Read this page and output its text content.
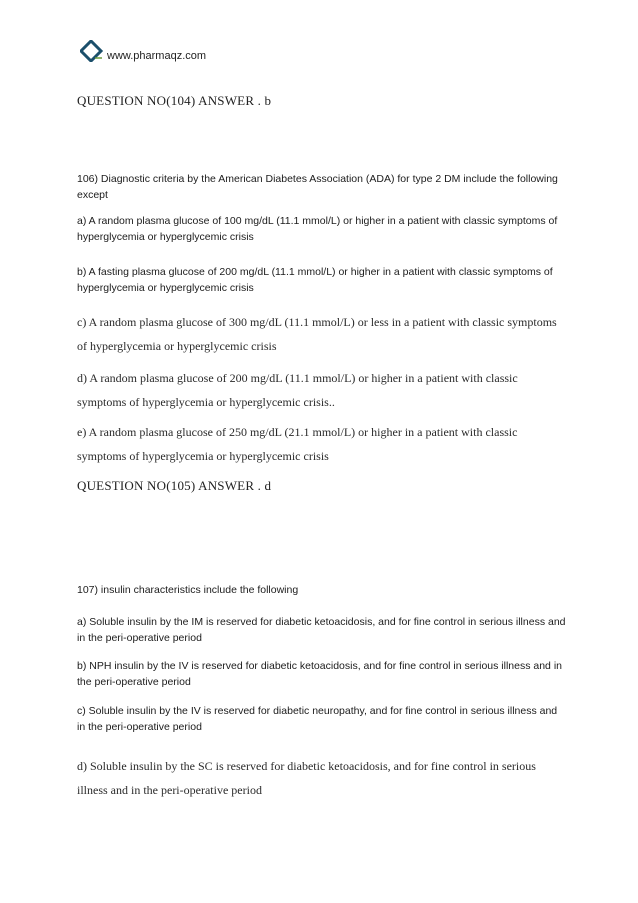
www.pharmaqz.com
QUESTION NO(104) ANSWER . b
106) Diagnostic criteria by the American Diabetes Association (ADA) for type 2 DM include the following except
a) A random plasma glucose of 100 mg/dL (11.1 mmol/L) or higher in a patient with classic symptoms of hyperglycemia or hyperglycemic crisis
b) A fasting plasma glucose of 200 mg/dL (11.1 mmol/L) or higher in a patient with classic symptoms of hyperglycemia or hyperglycemic crisis
c) A random plasma glucose of 300 mg/dL (11.1 mmol/L) or less in a patient with classic symptoms of hyperglycemia or hyperglycemic crisis
d) A random plasma glucose of 200 mg/dL (11.1 mmol/L) or higher in a patient with classic symptoms of hyperglycemia or hyperglycemic crisis..
e) A random plasma glucose of 250 mg/dL (21.1 mmol/L) or higher in a patient with classic symptoms of hyperglycemia or hyperglycemic crisis
QUESTION NO(105) ANSWER . d
107) insulin characteristics include the following
a) Soluble insulin by the IM is reserved for diabetic ketoacidosis, and for fine control in serious illness and in the peri-operative period
b) NPH insulin by the IV is reserved for diabetic ketoacidosis, and for fine control in serious illness and in the peri-operative period
c) Soluble insulin by the IV is reserved for diabetic neuropathy, and for fine control in serious illness and in the peri-operative period
d) Soluble insulin by the SC is reserved for diabetic ketoacidosis, and for fine control in serious illness and in the peri-operative period
